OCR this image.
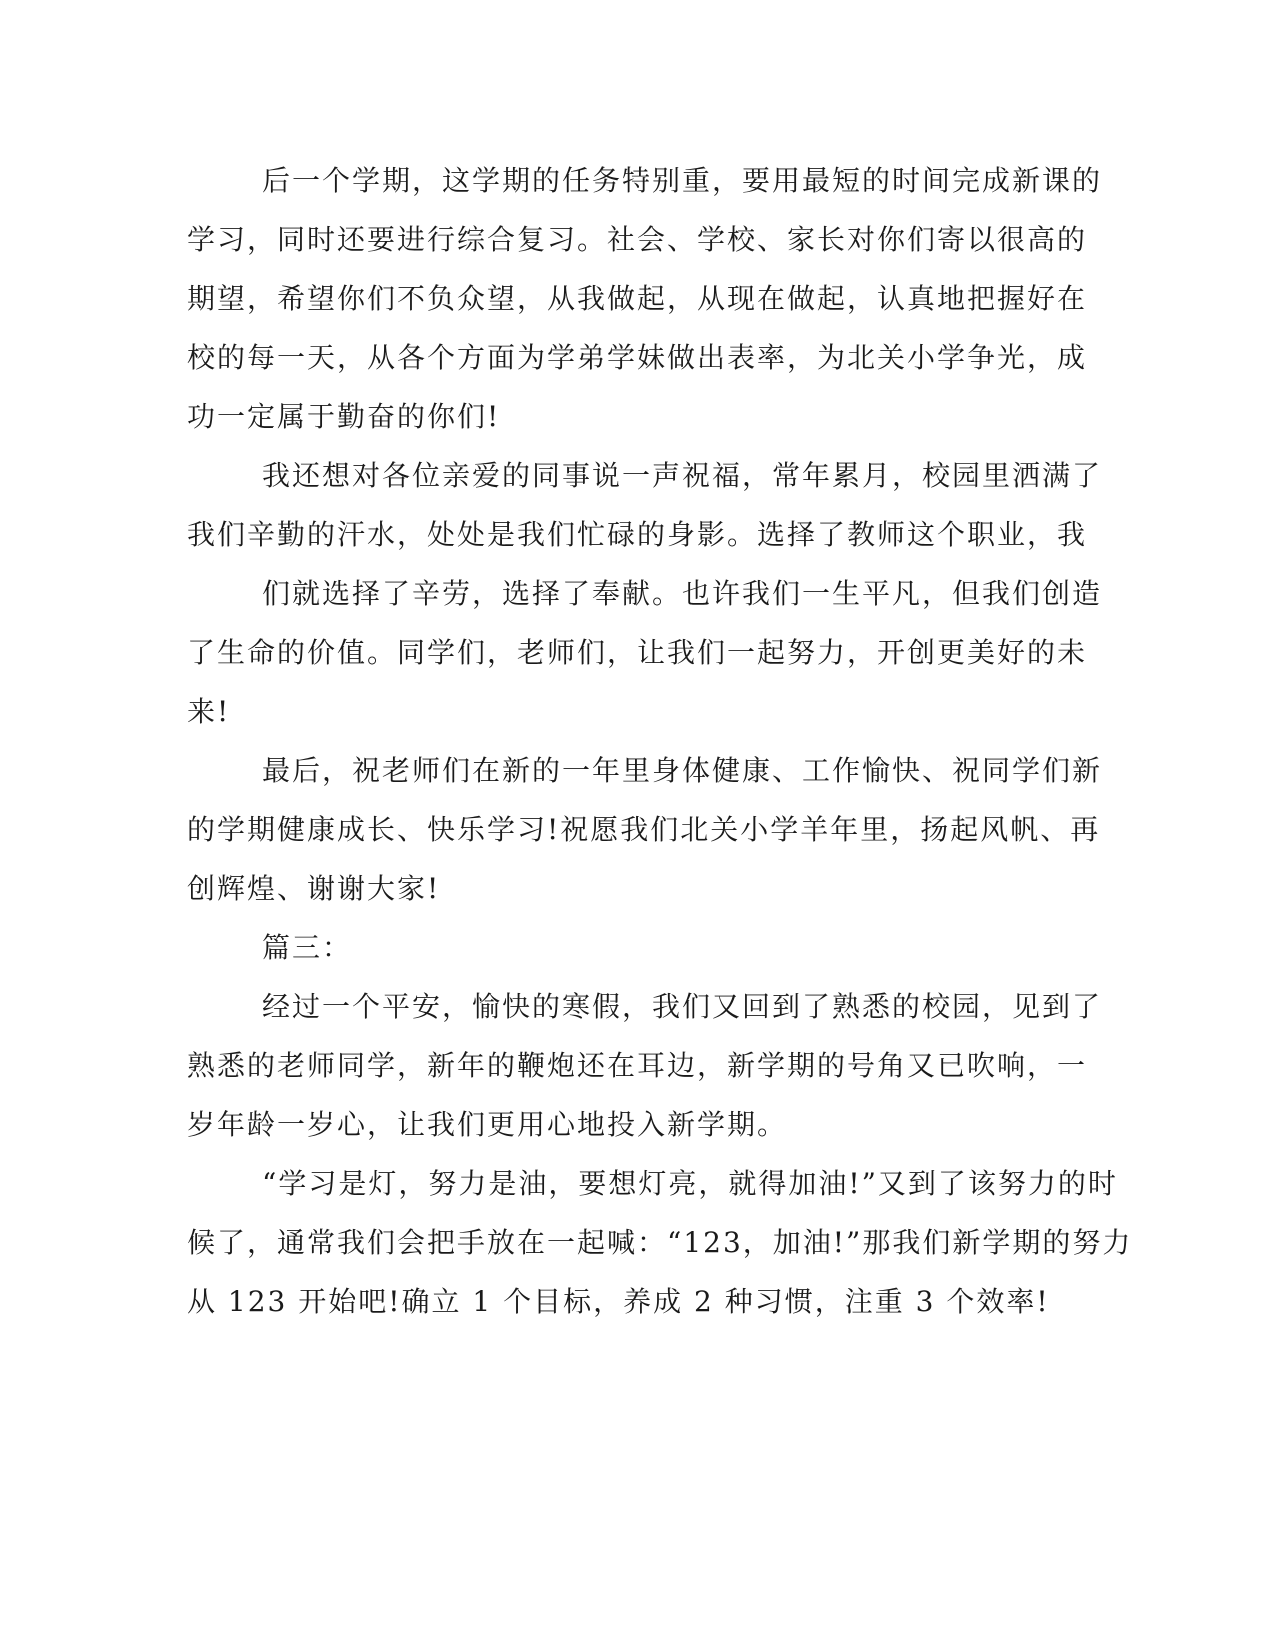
后一个学期，这学期的任务特别重，要用最短的时间完成新课的
学习，同时还要进行综合复习。社会、学校、家长对你们寄以很高的
期望，希望你们不负众望，从我做起，从现在做起，认真地把握好在
校的每一天，从各个方面为学弟学妹做出表率，为北关小学争光，成
功一定属于勤奋的你们!
我还想对各位亲爱的同事说一声祝福，常年累月，校园里洒满了
我们辛勤的汗水，处处是我们忙碌的身影。选择了教师这个职业，我
们就选择了辛劳，选择了奉献。也许我们一生平凡，但我们创造
了生命的价值。同学们，老师们，让我们一起努力，开创更美好的未
来!
最后，祝老师们在新的一年里身体健康、工作愉快、祝同学们新
的学期健康成长、快乐学习!祝愿我们北关小学羊年里，扬起风帆、再
创辉煌、谢谢大家!
篇三：
经过一个平安，愉快的寒假，我们又回到了熟悉的校园，见到了
熟悉的老师同学，新年的鞭炮还在耳边，新学期的号角又已吹响，一
岁年龄一岁心，让我们更用心地投入新学期。
“学习是灯，努力是油，要想灯亮，就得加油!”又到了该努力的时
候了，通常我们会把手放在一起喊：“123，加油!”那我们新学期的努力
从 123 开始吧!确立 1 个目标，养成 2 种习惯，注重 3 个效率!
